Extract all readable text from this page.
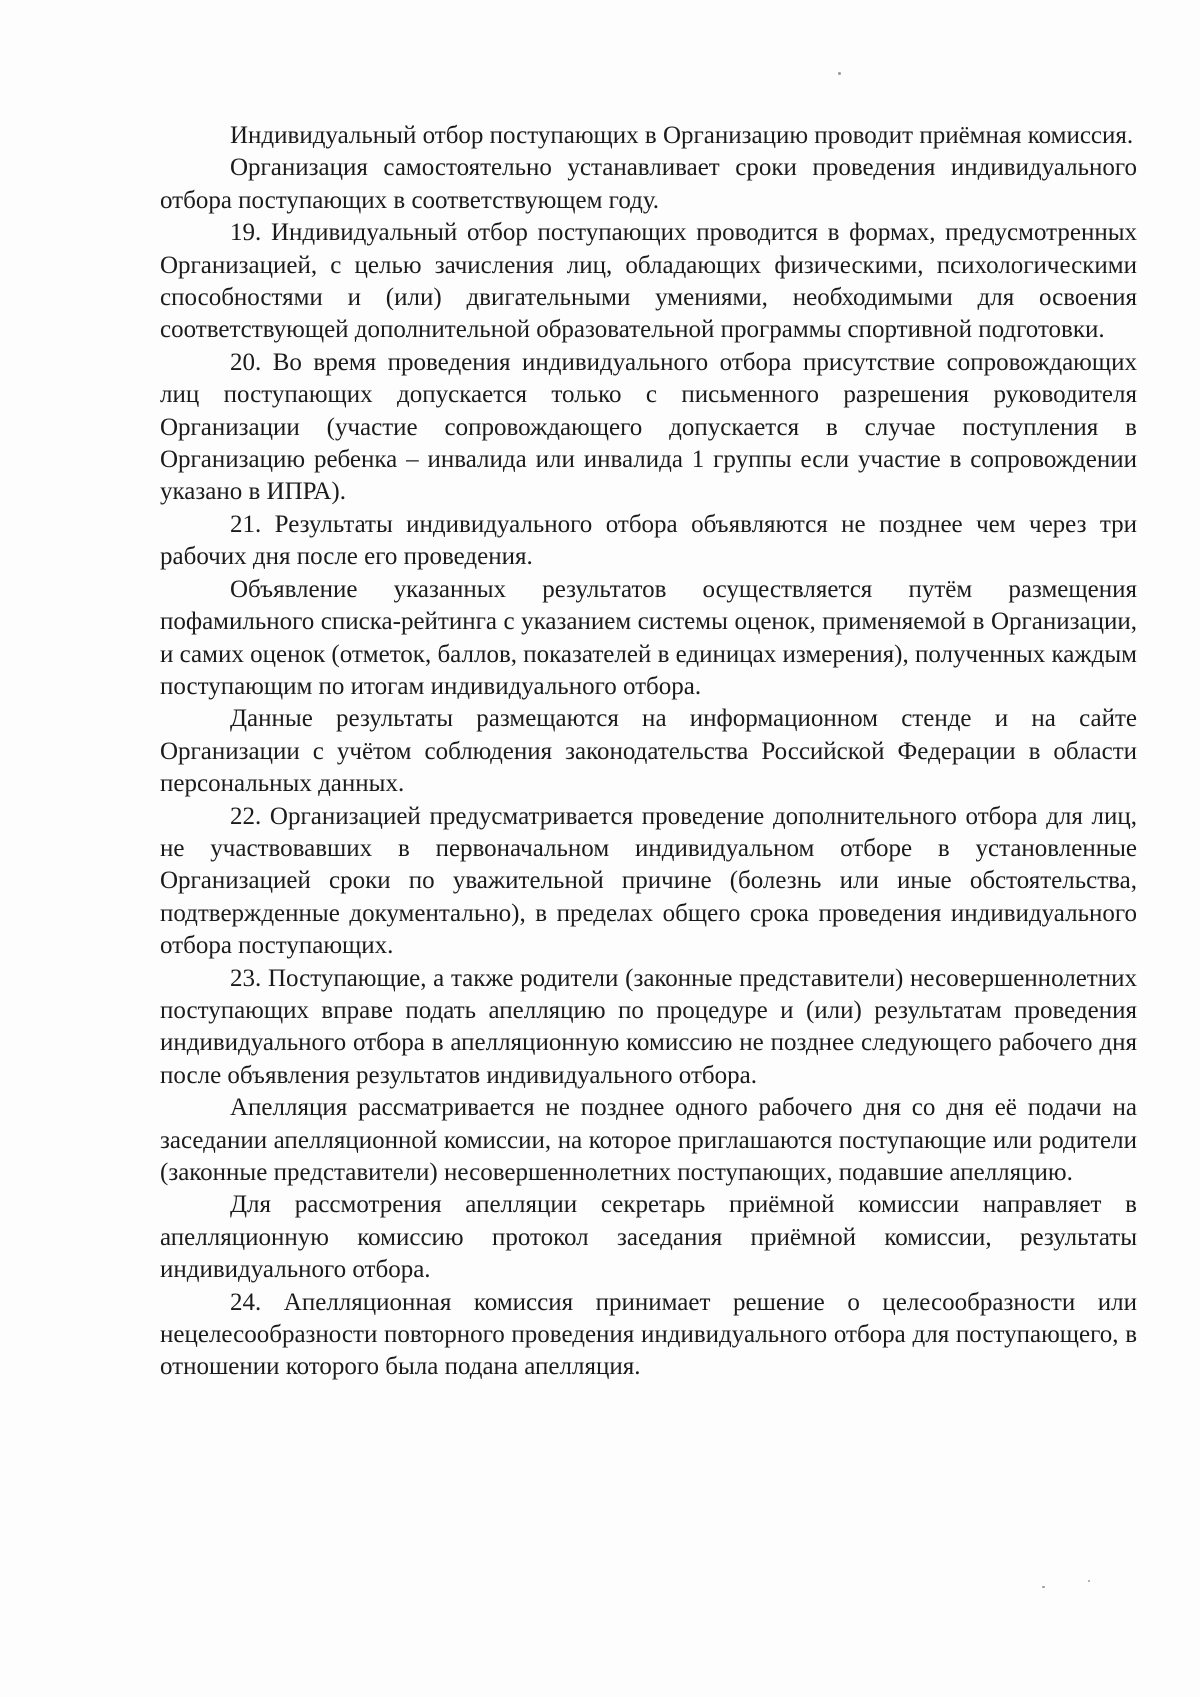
Индивидуальный отбор поступающих в Организацию проводит приёмная комиссия.

Организация самостоятельно устанавливает сроки проведения индивидуального отбора поступающих в соответствующем году.

19. Индивидуальный отбор поступающих проводится в формах, предусмотренных Организацией, с целью зачисления лиц, обладающих физическими, психологическими способностями и (или) двигательными умениями, необходимыми для освоения соответствующей дополнительной образовательной программы спортивной подготовки.

20. Во время проведения индивидуального отбора присутствие сопровождающих лиц поступающих допускается только с письменного разрешения руководителя Организации (участие сопровождающего допускается в случае поступления в Организацию ребенка – инвалида или инвалида 1 группы если участие в сопровождении указано в ИПРА).

21. Результаты индивидуального отбора объявляются не позднее чем через три рабочих дня после его проведения.

Объявление указанных результатов осуществляется путём размещения пофамильного списка-рейтинга с указанием системы оценок, применяемой в Организации, и самих оценок (отметок, баллов, показателей в единицах измерения), полученных каждым поступающим по итогам индивидуального отбора.

Данные результаты размещаются на информационном стенде и на сайте Организации с учётом соблюдения законодательства Российской Федерации в области персональных данных.

22. Организацией предусматривается проведение дополнительного отбора для лиц, не участвовавших в первоначальном индивидуальном отборе в установленные Организацией сроки по уважительной причине (болезнь или иные обстоятельства, подтвержденные документально), в пределах общего срока проведения индивидуального отбора поступающих.

23. Поступающие, а также родители (законные представители) несовершеннолетних поступающих вправе подать апелляцию по процедуре и (или) результатам проведения индивидуального отбора в апелляционную комиссию не позднее следующего рабочего дня после объявления результатов индивидуального отбора.

Апелляция рассматривается не позднее одного рабочего дня со дня её подачи на заседании апелляционной комиссии, на которое приглашаются поступающие или родители (законные представители) несовершеннолетних поступающих, подавшие апелляцию.

Для рассмотрения апелляции секретарь приёмной комиссии направляет в апелляционную комиссию протокол заседания приёмной комиссии, результаты индивидуального отбора.

24. Апелляционная комиссия принимает решение о целесообразности или нецелесообразности повторного проведения индивидуального отбора для поступающего, в отношении которого была подана апелляция.
